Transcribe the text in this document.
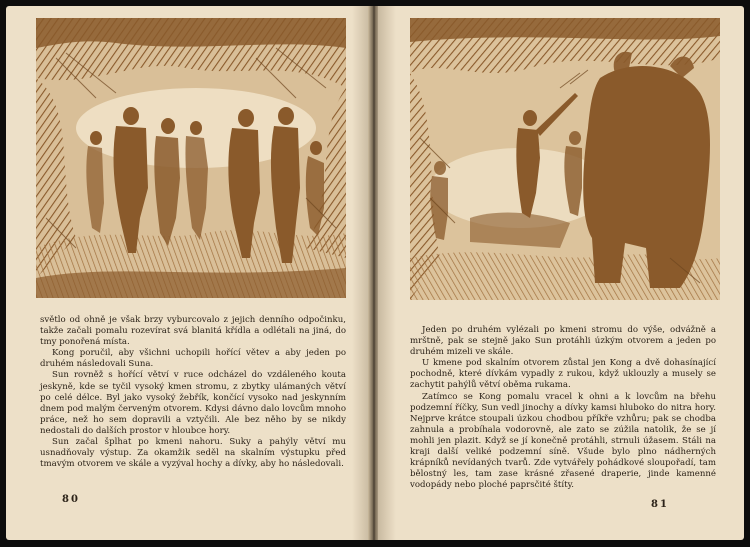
světlo od ohně je však brzy vyburcovalo z jejich denního odpočinku, takže začali pomalu rozevírat svá blanitá křídla a odlétali na jiná, do tmy ponořená místa.

Kong poručil, aby všichni uchopili hořící větev a aby jeden po druhém následovali Suna.

Sun rovněž s hořící větví v ruce odcházel do vzdáleného kouta jeskyně, kde se tyčil vysoký kmen stromu, z zbytky ulámaných větví po celé délce. Byl jako vysoký žebřík, končící vysoko nad jeskynním dnem pod malým červeným otvorem. Kdysi dávno dalo lovcům mnoho práce, než ho sem dopravili a vztyčili. Ale bez něho by se nikdy nedostali do dalších prostor v hloubce hory.

Sun začal šplhat po kmeni nahoru. Suky a pahýly větví mu usnadňovaly výstup. Za okamžik seděl na skalním výstupku před tmavým otvorem ve skále a vyzýval hochy a dívky, aby ho následovali.

80

Jeden po druhém vylézali po kmeni stromu do výše, odvážně a mrštně, pak se stejně jako Sun protáhli úzkým otvorem a jeden po druhém mizeli ve skále.

U kmene pod skalním otvorem zůstal jen Kong a dvě dohasínající pochodně, které dívkám vypadly z rukou, když uklouzly a musely se zachytit pahýlů větví oběma rukama.

Zatímco se Kong pomalu vracel k ohni a k lovcům na břehu podzemní říčky, Sun vedl jinochy a dívky kamsi hluboko do nitra hory. Nejprve krátce stoupali úzkou chodbou příkře vzhůru; pak se chodba zahnula a probíhala vodorovně, ale zato se zúžila natolik, že se jí mohli jen plazit. Když se jí konečně protáhli, strnuli úžasem. Stáli na kraji další veliké podzemní síně. Všude bylo plno nádherných krápníků nevídaných tvarů. Zde vytvářely pohádkové sloupořadí, tam bělostný les, tam zase krásné zřasené draperie, jinde kamenné vodopády nebo ploché paprsčité štíty.

81
